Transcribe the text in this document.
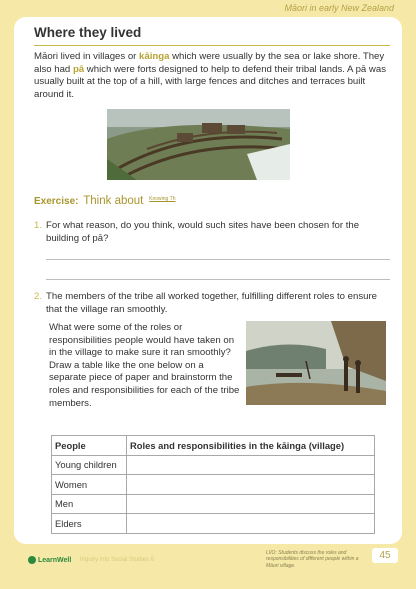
Māori in early New Zealand
Where they lived
Māori lived in villages or kāinga which were usually by the sea or lake shore. They also had pā which were forts designed to help to defend their tribal lands. A pā was usually built at the top of a hill, with large fences and ditches and terraces built around it.
Exercise: Think about $^{Knowing Th}$
1. For what reason, do you think, would such sites have been chosen for the building of pā?
2. The members of the tribe all worked together, fulfilling different roles to ensure that the village ran smoothly.
What were some of the roles or responsibilities people would have taken on in the village to make sure it ran smoothly? Draw a table like the one below on a separate piece of paper and brainstorm the roles and responsibilities for each of the tribe members.
People	Roles and responsibilities in the kāinga (village)
Young children	
Women	
Men	
Elders	
LearnWell Inquiry into Social Studies 6
LI/O: Students discuss the roles and responsibilities of different people within a Māori village.
45
